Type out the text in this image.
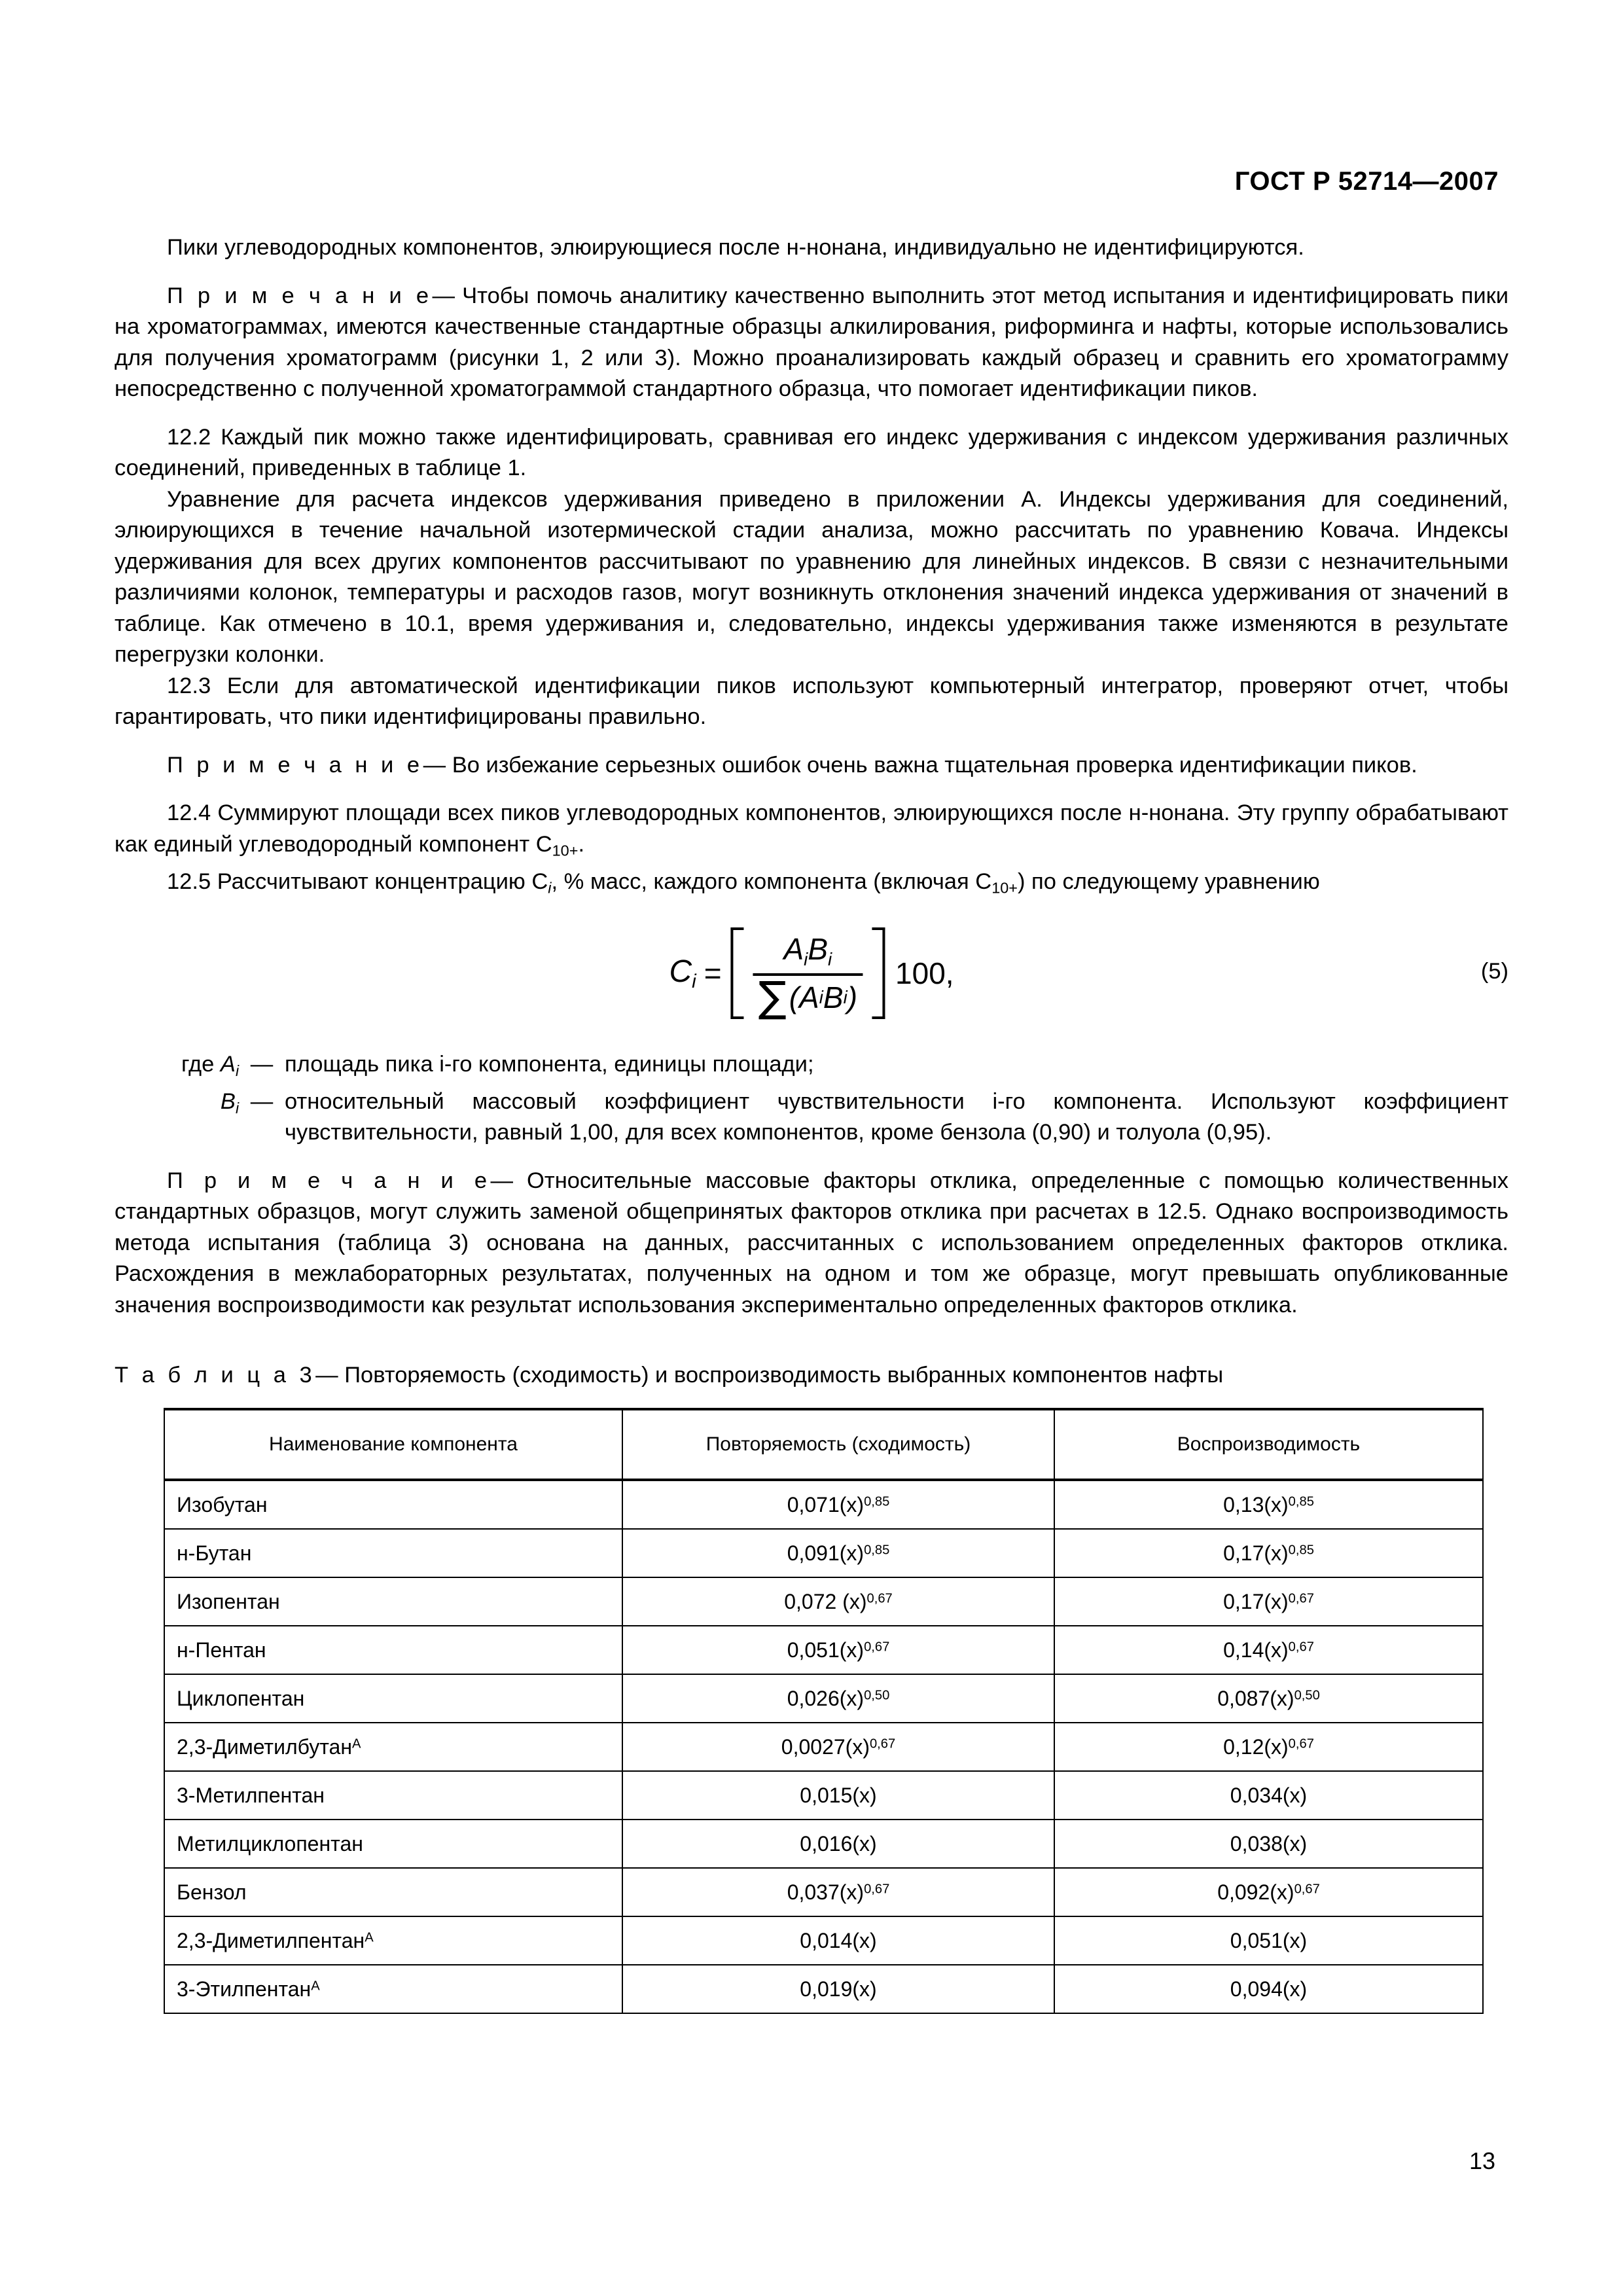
ГОСТ Р 52714—2007

Пики углеводородных компонентов, элюирующиеся после н-нонана, индивидуально не идентифицируются.

П р и м е ч а н и е— Чтобы помочь аналитику качественно выполнить этот метод испытания и идентифицировать пики на хроматограммах, имеются качественные стандартные образцы алкилирования, риформинга и нафты, которые использовались для получения хроматограмм (рисунки 1, 2 или 3). Можно проанализировать каждый образец и сравнить его хроматограмму непосредственно с полученной хроматограммой стандартного образца, что помогает идентификации пиков.

12.2 Каждый пик можно также идентифицировать, сравнивая его индекс удерживания с индексом удерживания различных соединений, приведенных в таблице 1.

Уравнение для расчета индексов удерживания приведено в приложении А. Индексы удерживания для соединений, элюирующихся в течение начальной изотермической стадии анализа, можно рассчитать по уравнению Ковача. Индексы удерживания для всех других компонентов рассчитывают по уравнению для линейных индексов. В связи с незначительными различиями колонок, температуры и расходов газов, могут возникнуть отклонения значений индекса удерживания от значений в таблице. Как отмечено в 10.1, время удерживания и, следовательно, индексы удерживания также изменяются в результате перегрузки колонки.

12.3 Если для автоматической идентификации пиков используют компьютерный интегратор, проверяют отчет, чтобы гарантировать, что пики идентифицированы правильно.

П р и м е ч а н и е— Во избежание серьезных ошибок очень важна тщательная проверка идентификации пиков.

12.4 Суммируют площади всех пиков углеводородных компонентов, элюирующихся после н-нонана. Эту группу обрабатывают как единый углеводородный компонент $C_{10+}$.

12.5 Рассчитывают концентрацию $C_i$, % масс, каждого компонента (включая $C_{10+}$) по следующему уравнению

$C_i = \frac{A_iB_i}{\text{∑ (A i B i )}} 100$,	(5)
где $A_i$	—	площадь пика i-го компонента, единицы площади;
$B_i$	—	относительный массовый коэффициент чувствительности i-го компонента. Используют коэффициент чувствительности, равный 1,00, для всех компонентов, кроме бензола (0,90) и толуола (0,95).

П р и м е ч а н и е— Относительные массовые факторы отклика, определенные с помощью количественных стандартных образцов, могут служить заменой общепринятых факторов отклика при расчетах в 12.5. Однако воспроизводимость метода испытания (таблица 3) основана на данных, рассчитанных с использованием определенных факторов отклика. Расхождения в межлабораторных результатах, полученных на одном и том же образце, могут превышать опубликованные значения воспроизводимости как результат использования экспериментально определенных факторов отклика.

Т а б л и ц а 3— Повторяемость (сходимость) и воспроизводимость выбранных компонентов нафты
Наименование компонента	Повторяемость (сходимость)	Воспроизводимость
Изобутан	$0,071(x)^{0,85}$	$0,13(x)^{0,85}$
н-Бутан	$0,091(x)^{0,85}$	$0,17(x)^{0,85}$
Изопентан	0,072 $(x)^{0,67}$	$0,17(x)^{0,67}$
н-Пентан	$0,051(x)^{0,67}$	$0,14(x)^{0,67}$
Циклопентан	$0,026(x)^{0,50}$	$0,087(x)^{0,50}$
2,3-Диметилбутан$^A$	$0,0027(x)^{0,67}$	$0,12(x)^{0,67}$
3-Метилпентан	0,015(x)	0,034(x)
Метилциклопентан	0,016(x)	0,038(x)
Бензол	$0,037(x)^{0,67}$	$0,092(x)^{0,67}$
2,3-Диметилпентан$^A$	0,014(x)	0,051(x)
3-Этилпентан$^A$	0,019(x)	0,094(x)
13
